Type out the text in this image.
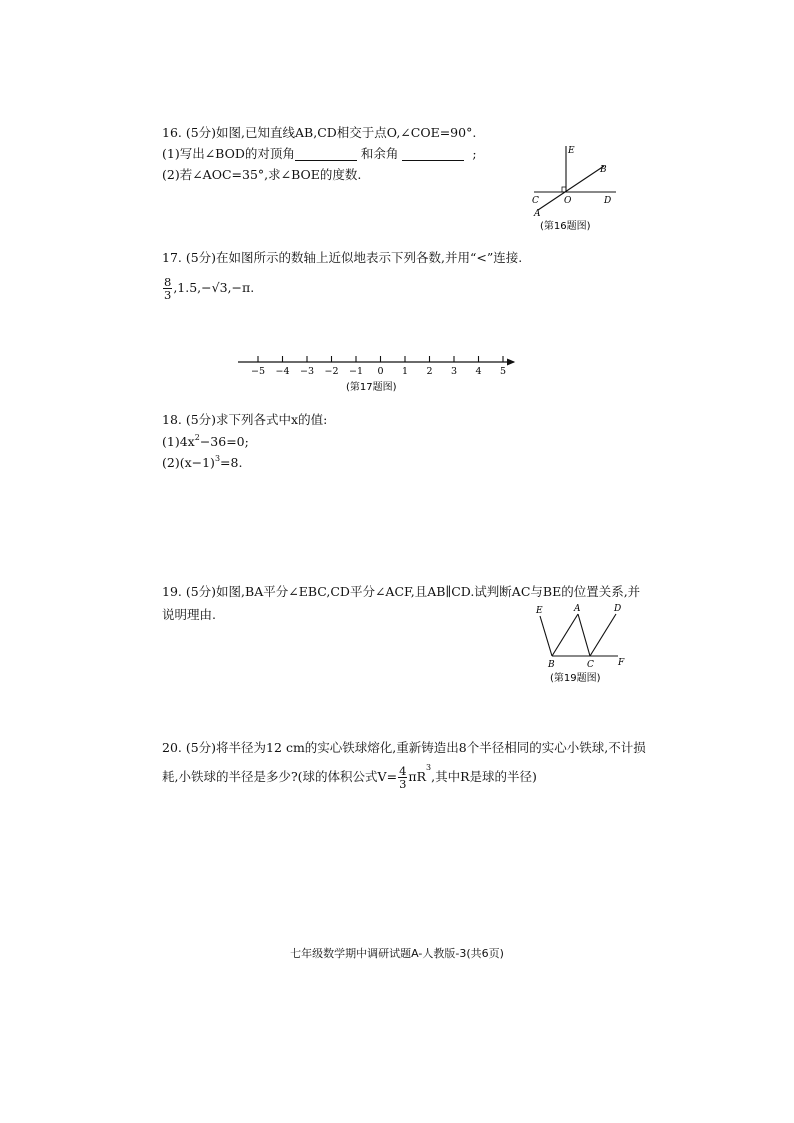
16. (5分)如图,已知直线AB,CD相交于点O,∠COE=90°.
(1)写出∠BOD的对顶角	和余角	;
(2)若∠AOC=35°,求∠BOE的度数.
E
B
C	O	D
A
(第16题图)
17. (5分)在如图所示的数轴上近似地表示下列各数,并用“<”连接.
$\frac{8}{3} ,1.5,-√3,-\pi$.
−5 −4 −3 −2 −1 0 1 2 3 4 5
(第17题图)
18. (5分)求下列各式中x的值:
$(1)4x^2-36=0$;
$(2)(x-1)^3=8$.
19. (5分)如图,BA平分∠EBC,CD平分∠ACF,且AB∥CD.试判断AC与BE的位置关系,并
说明理由.	E	A	D
B	C	F
(第19题图)
20. (5分)将半径为12 cm的实心铁球熔化,重新铸造出8个半径相同的实心小铁球,不计损
耗,小铁球的半径是多少?(球的体积公式$V= \frac{4}{3} \pi R^3$,其中R是球的半径)
七年级数学期中调研试题A-人教版-3(共6页)
